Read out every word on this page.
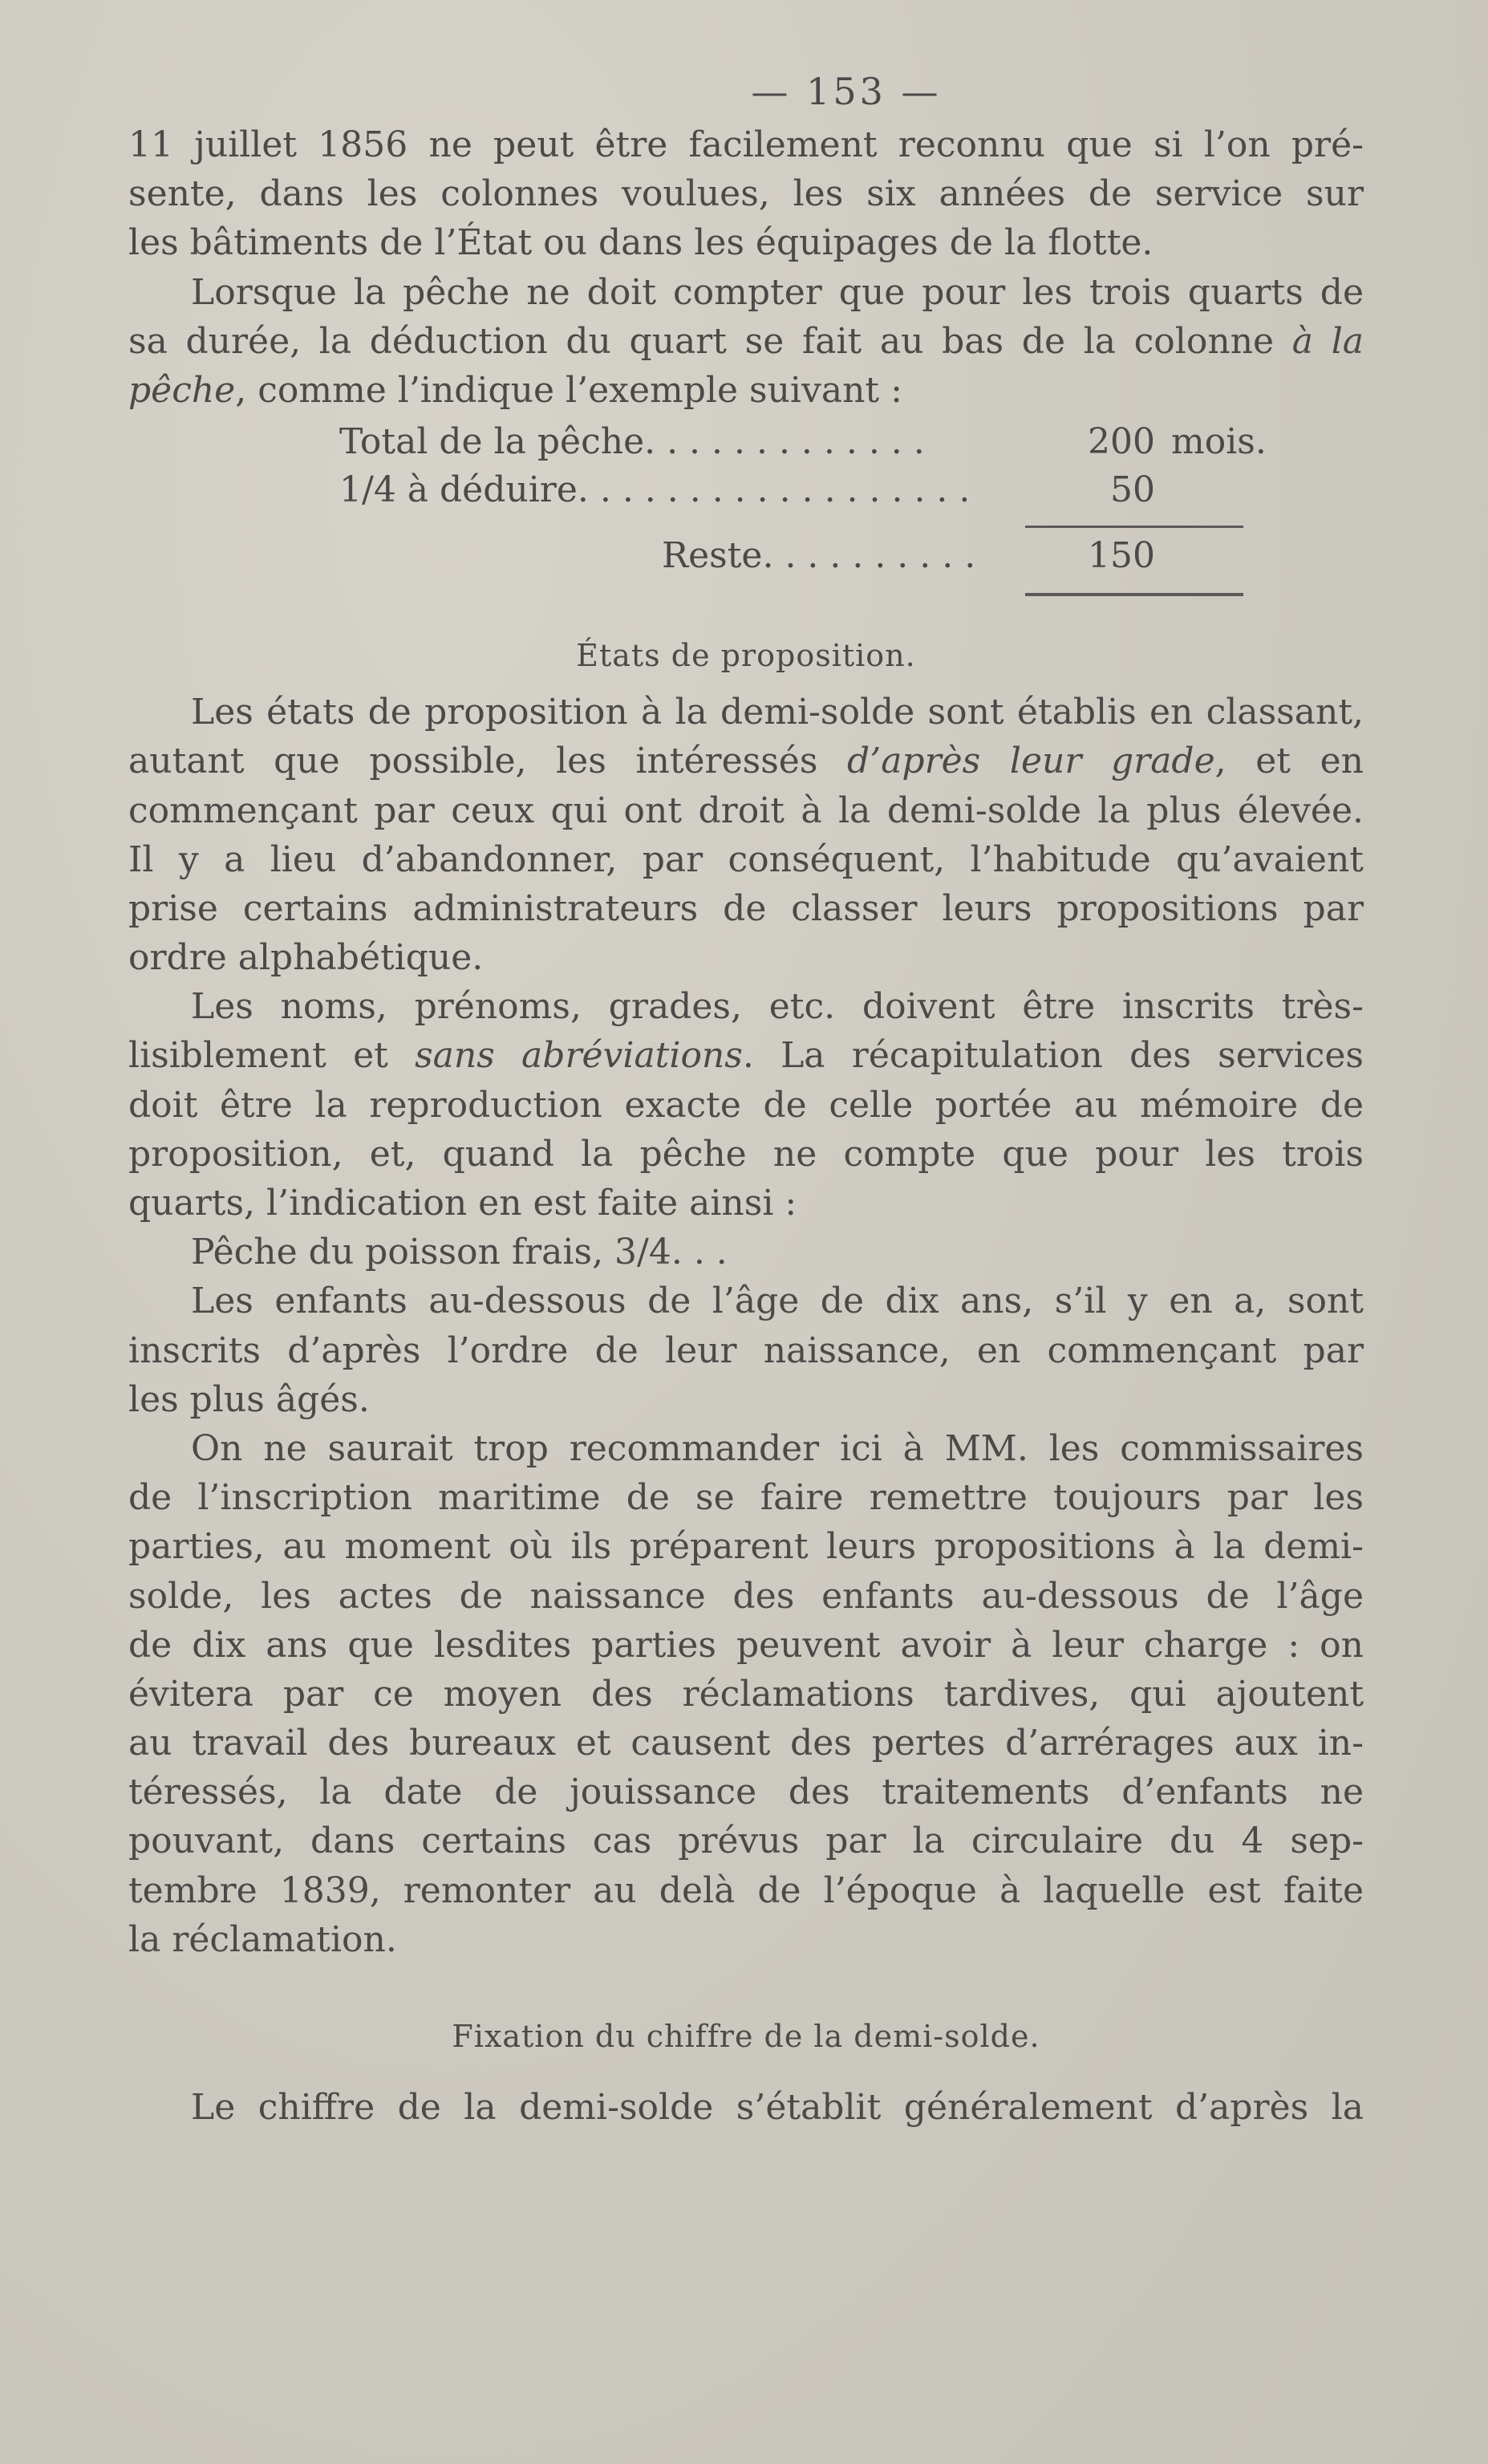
— 153 —
11 juillet 1856 ne peut être facilement reconnu que si l’on pré-
sente, dans les colonnes voulues, les six années de service sur
les bâtiments de l’État ou dans les équipages de la flotte.
Lorsque la pêche ne doit compter que pour les trois quarts de
sa durée, la déduction du quart se fait au bas de la colonne à la
pêche, comme l’indique l’exemple suivant :
Total de la pêche. . . . . . . . . . . . .	200 mois.
1/4 à déduire. . . . . . . . . . . . . . . . . .	50
Reste. . . . . . . . . .	150
États de proposition.
Les états de proposition à la demi-solde sont établis en classant,
autant que possible, les intéressés d’après leur grade, et en
commençant par ceux qui ont droit à la demi-solde la plus élevée.
Il y a lieu d’abandonner, par conséquent, l’habitude qu’avaient
prise certains administrateurs de classer leurs propositions par
ordre alphabétique.
Les noms, prénoms, grades, etc. doivent être inscrits très-
lisiblement et sans abréviations. La récapitulation des services
doit être la reproduction exacte de celle portée au mémoire de
proposition, et, quand la pêche ne compte que pour les trois
quarts, l’indication en est faite ainsi :
Pêche du poisson frais, 3/4. . .
Les enfants au-dessous de l’âge de dix ans, s’il y en a, sont
inscrits d’après l’ordre de leur naissance, en commençant par
les plus âgés.
On ne saurait trop recommander ici à MM. les commissaires
de l’inscription maritime de se faire remettre toujours par les
parties, au moment où ils préparent leurs propositions à la demi-
solde, les actes de naissance des enfants au-dessous de l’âge
de dix ans que lesdites parties peuvent avoir à leur charge : on
évitera par ce moyen des réclamations tardives, qui ajoutent
au travail des bureaux et causent des pertes d’arrérages aux in-
téressés, la date de jouissance des traitements d’enfants ne
pouvant, dans certains cas prévus par la circulaire du 4 sep-
tembre 1839, remonter au delà de l’époque à laquelle est faite
la réclamation.
Fixation du chiffre de la demi-solde.
Le chiffre de la demi-solde s’établit généralement d’après la
